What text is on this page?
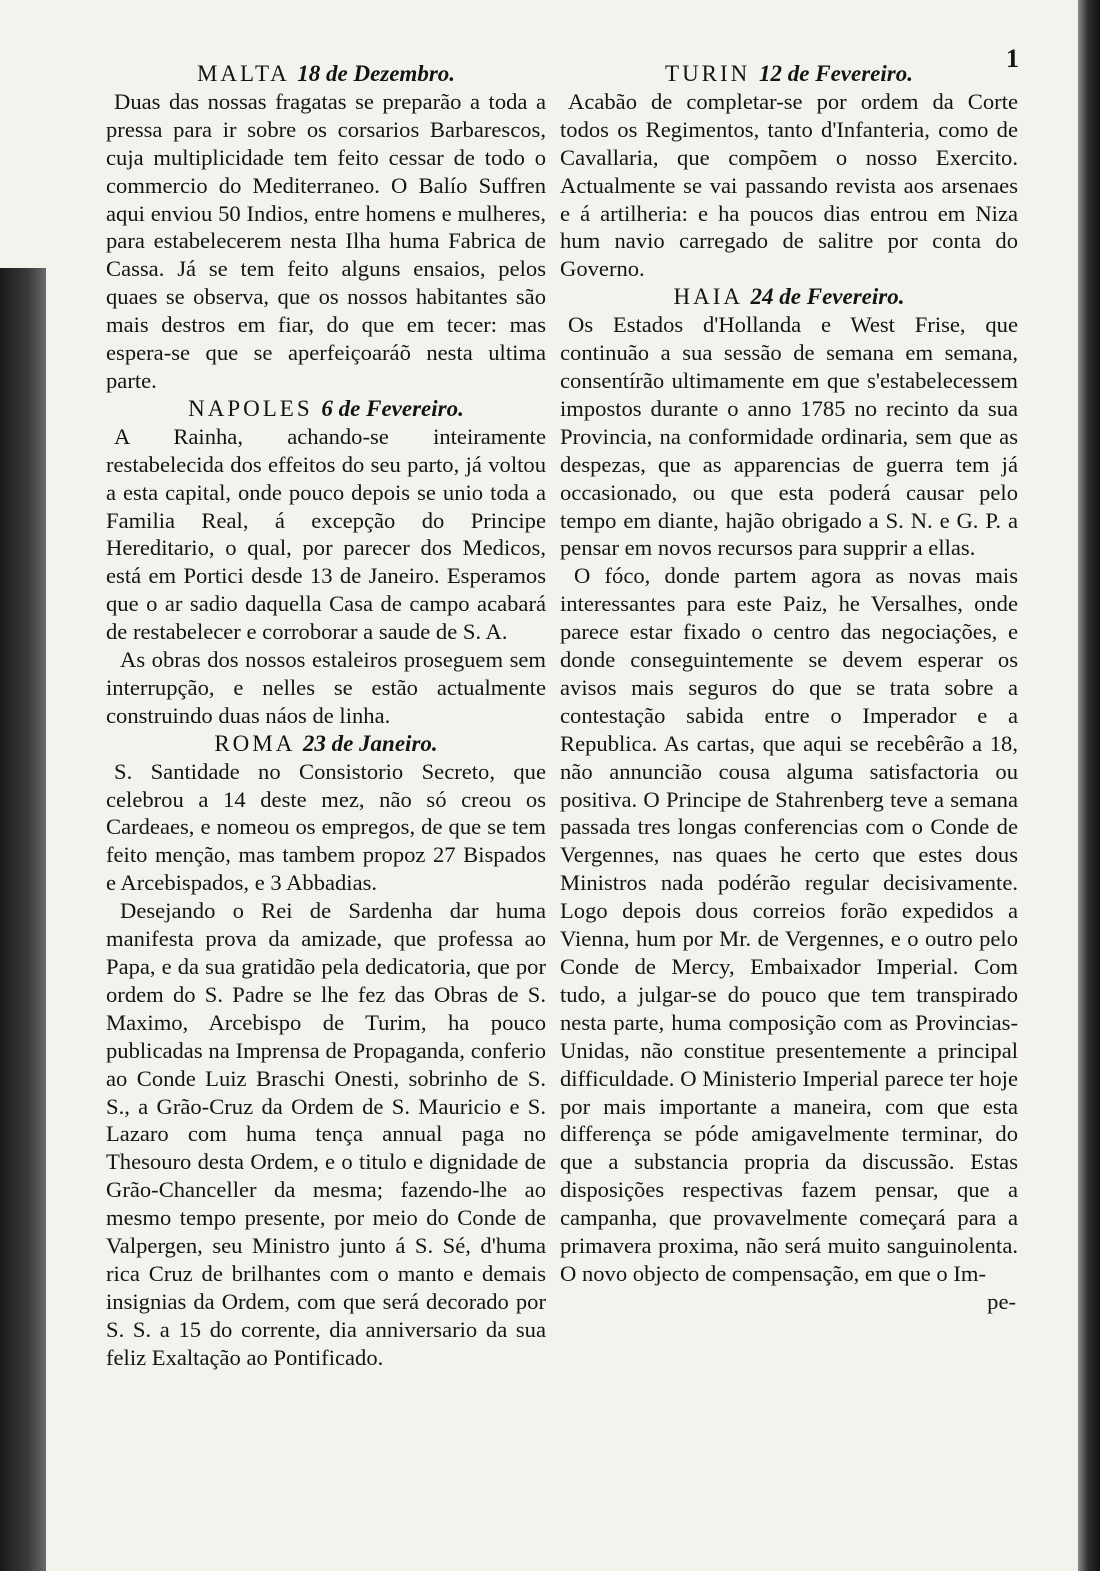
1

MALTA 18 de Dezembro.

Duas das nossas fragatas se preparão a toda a pressa para ir sobre os corsarios Barbarescos, cuja multiplicidade tem feito cessar de todo o commercio do Mediterraneo. O Balío Suffren aqui enviou 50 Indios, entre homens e mulheres, para estabelecerem nesta Ilha huma Fabrica de Cassa. Já se tem feito alguns ensaios, pelos quaes se observa, que os nossos habitantes são mais destros em fiar, do que em tecer: mas espera-se que se aperfeiçoaráõ nesta ultima parte.

NAPOLES 6 de Fevereiro.

A Rainha, achando-se inteiramente restabelecida dos effeitos do seu parto, já voltou a esta capital, onde pouco depois se unio toda a Familia Real, á excepção do Principe Hereditario, o qual, por parecer dos Medicos, está em Portici desde 13 de Janeiro. Esperamos que o ar sadio daquella Casa de campo acabará de restabelecer e corroborar a saude de S. A.

As obras dos nossos estaleiros proseguem sem interrupção, e nelles se estão actualmente construindo duas náos de linha.

ROMA 23 de Janeiro.

S. Santidade no Consistorio Secreto, que celebrou a 14 deste mez, não só creou os Cardeaes, e nomeou os empregos, de que se tem feito menção, mas tambem propoz 27 Bispados e Arcebispados, e 3 Abbadias.

Desejando o Rei de Sardenha dar huma manifesta prova da amizade, que professa ao Papa, e da sua gratidão pela dedicatoria, que por ordem do S. Padre se lhe fez das Obras de S. Maximo, Arcebispo de Turim, ha pouco publicadas na Imprensa de Propaganda, conferio ao Conde Luiz Braschi Onesti, sobrinho de S. S., a Grão-Cruz da Ordem de S. Mauricio e S. Lazaro com huma tença annual paga no Thesouro desta Ordem, e o titulo e dignidade de Grão-Chanceller da mesma; fazendo-lhe ao mesmo tempo presente, por meio do Conde de Valpergen, seu Ministro junto á S. Sé, d'huma rica Cruz de brilhantes com o manto e demais insignias da Ordem, com que será decorado por S. S. a 15 do corrente, dia anniversario da sua feliz Exaltação ao Pontificado.

TURIN 12 de Fevereiro.

Acabão de completar-se por ordem da Corte todos os Regimentos, tanto d'Infanteria, como de Cavallaria, que compõem o nosso Exercito. Actualmente se vai passando revista aos arsenaes e á artilheria: e ha poucos dias entrou em Niza hum navio carregado de salitre por conta do Governo.

HAIA 24 de Fevereiro.

Os Estados d'Hollanda e West Frise, que continuão a sua sessão de semana em semana, consentírão ultimamente em que s'estabelecessem impostos durante o anno 1785 no recinto da sua Provincia, na conformidade ordinaria, sem que as despezas, que as apparencias de guerra tem já occasionado, ou que esta poderá causar pelo tempo em diante, hajão obrigado a S. N. e G. P. a pensar em novos recursos para supprir a ellas.

O fóco, donde partem agora as novas mais interessantes para este Paiz, he Versalhes, onde parece estar fixado o centro das negociações, e donde conseguintemente se devem esperar os avisos mais seguros do que se trata sobre a contestação sabida entre o Imperador e a Republica. As cartas, que aqui se recebêrão a 18, não annuncião cousa alguma satisfactoria ou positiva. O Principe de Stahrenberg teve a semana passada tres longas conferencias com o Conde de Vergennes, nas quaes he certo que estes dous Ministros nada podérão regular decisivamente. Logo depois dous correios forão expedidos a Vienna, hum por Mr. de Vergennes, e o outro pelo Conde de Mercy, Embaixador Imperial. Com tudo, a julgar-se do pouco que tem transpirado nesta parte, huma composição com as Provincias-Unidas, não constitue presentemente a principal difficuldade. O Ministerio Imperial parece ter hoje por mais importante a maneira, com que esta differença se póde amigavelmente terminar, do que a substancia propria da discussão. Estas disposições respectivas fazem pensar, que a campanha, que provavelmente começará para a primavera proxima, não será muito sanguinolenta. O novo objecto de compensação, em que o Im-

pe-
